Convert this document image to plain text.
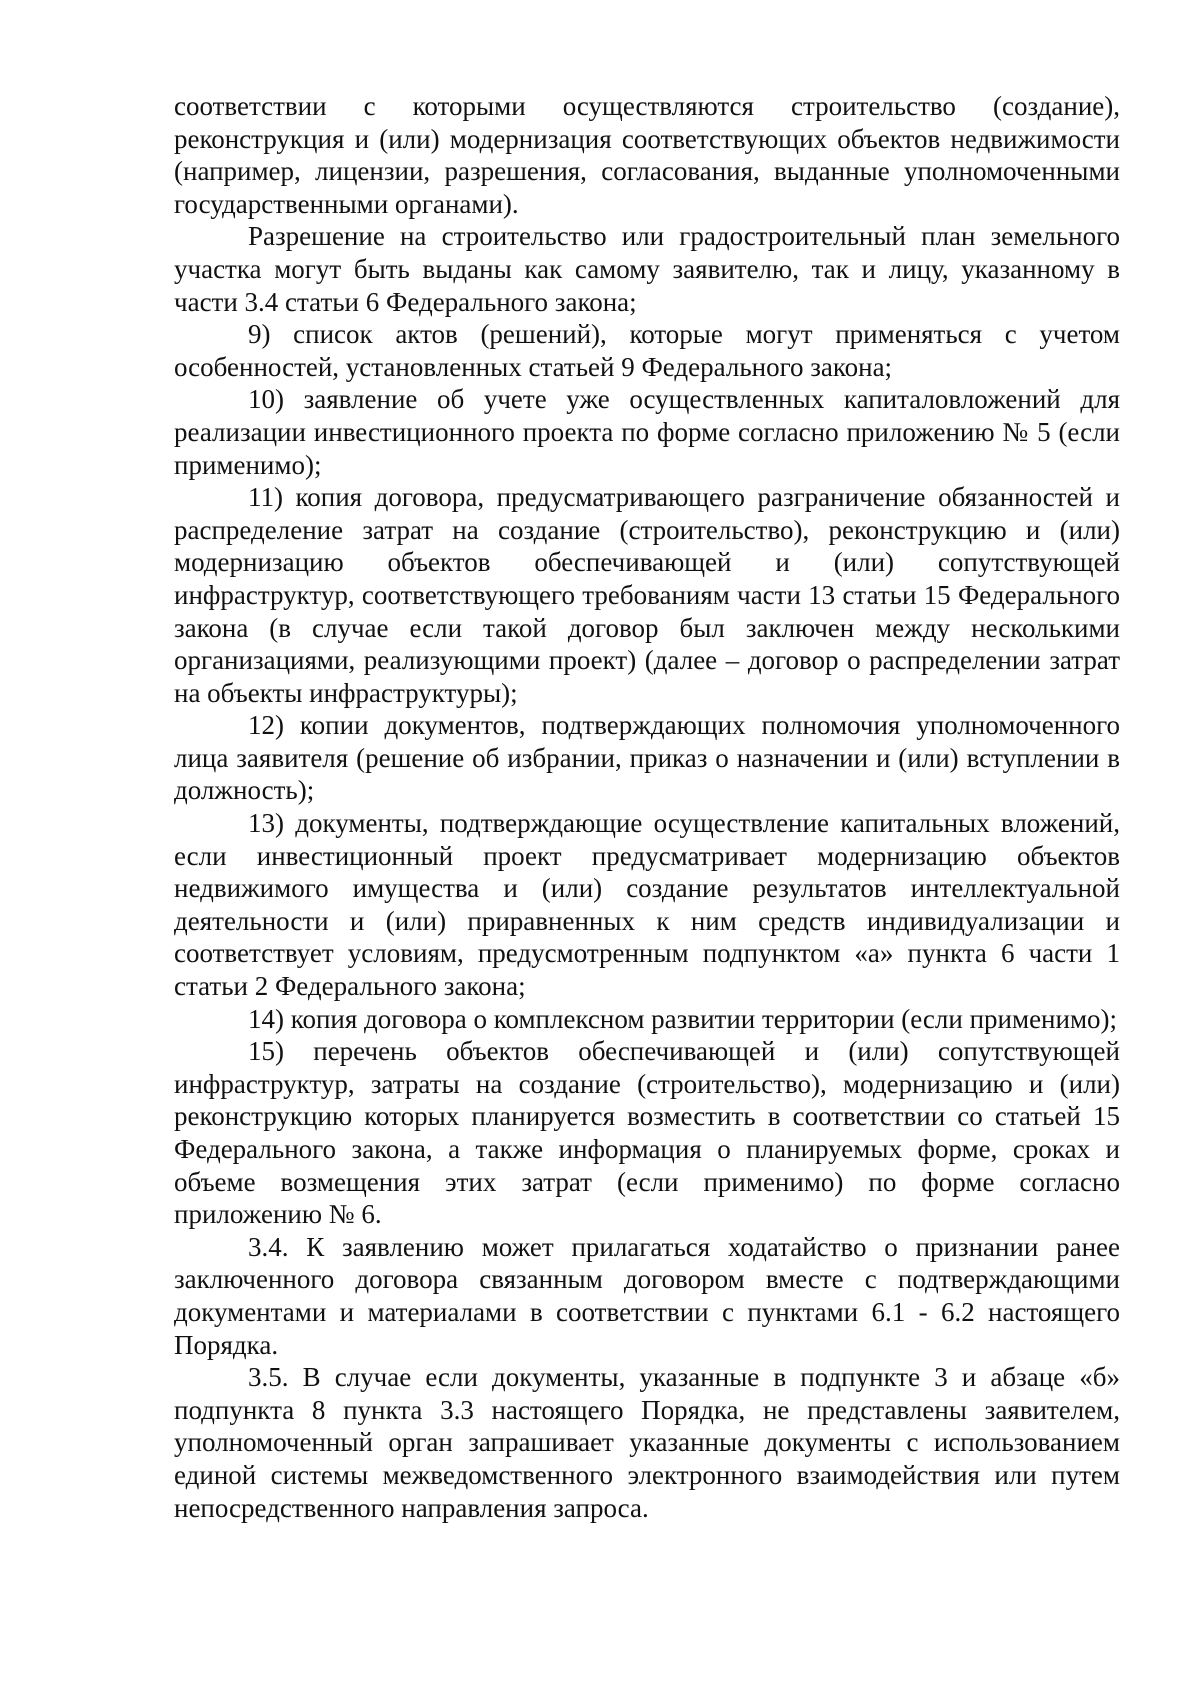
соответствии с которыми осуществляются строительство (создание), реконструкция и (или) модернизация соответствующих объектов недвижимости (например, лицензии, разрешения, согласования, выданные уполномоченными государственными органами).

Разрешение на строительство или градостроительный план земельного участка могут быть выданы как самому заявителю, так и лицу, указанному в части 3.4 статьи 6 Федерального закона;

9) список актов (решений), которые могут применяться с учетом особенностей, установленных статьей 9 Федерального закона;

10) заявление об учете уже осуществленных капиталовложений для реализации инвестиционного проекта по форме согласно приложению № 5 (если применимо);

11) копия договора, предусматривающего разграничение обязанностей и распределение затрат на создание (строительство), реконструкцию и (или) модернизацию объектов обеспечивающей и (или) сопутствующей инфраструктур, соответствующего требованиям части 13 статьи 15 Федерального закона (в случае если такой договор был заключен между несколькими организациями, реализующими проект) (далее – договор о распределении затрат на объекты инфраструктуры);

12) копии документов, подтверждающих полномочия уполномоченного лица заявителя (решение об избрании, приказ о назначении и (или) вступлении в должность);

13) документы, подтверждающие осуществление капитальных вложений, если инвестиционный проект предусматривает модернизацию объектов недвижимого имущества и (или) создание результатов интеллектуальной деятельности и (или) приравненных к ним средств индивидуализации и соответствует условиям, предусмотренным подпунктом «а» пункта 6 части 1 статьи 2 Федерального закона;

14) копия договора о комплексном развитии территории (если применимо);

15) перечень объектов обеспечивающей и (или) сопутствующей инфраструктур, затраты на создание (строительство), модернизацию и (или) реконструкцию которых планируется возместить в соответствии со статьей 15 Федерального закона, а также информация о планируемых форме, сроках и объеме возмещения этих затрат (если применимо) по форме согласно приложению № 6.

3.4. К заявлению может прилагаться ходатайство о признании ранее заключенного договора связанным договором вместе с подтверждающими документами и материалами в соответствии с пунктами 6.1 - 6.2 настоящего Порядка.

3.5. В случае если документы, указанные в подпункте 3 и абзаце «б» подпункта 8 пункта 3.3 настоящего Порядка, не представлены заявителем, уполномоченный орган запрашивает указанные документы с использованием единой системы межведомственного электронного взаимодействия или путем непосредственного направления запроса.
